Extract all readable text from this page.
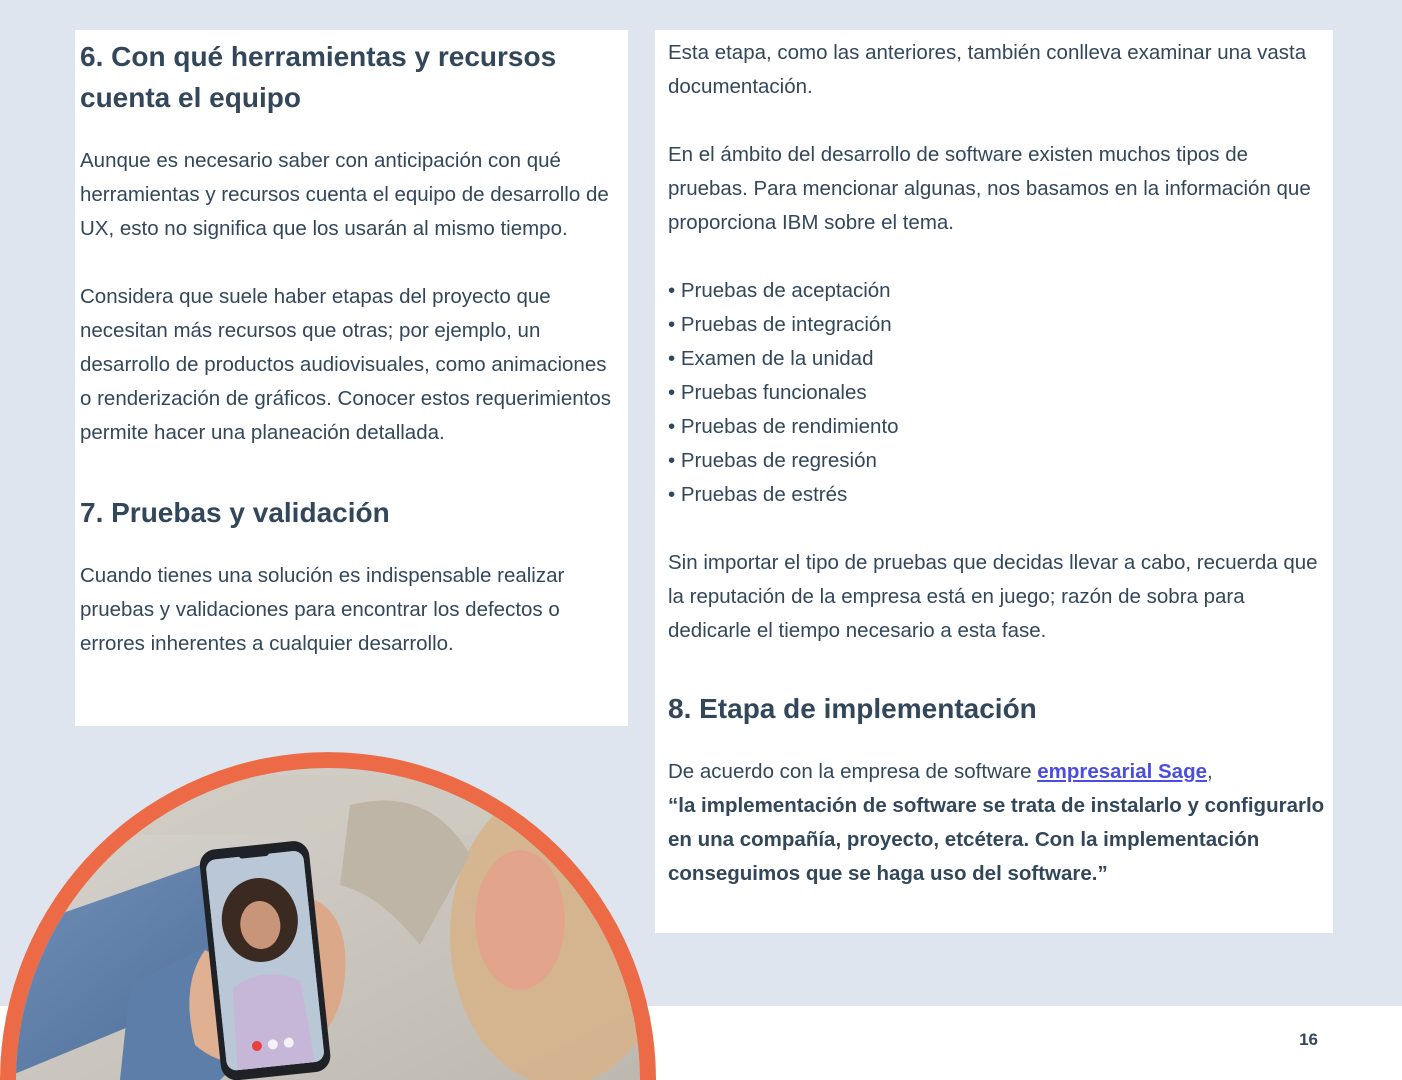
6. Con qué herramientas y recursos cuenta el equipo

Aunque es necesario saber con anticipación con qué herramientas y recursos cuenta el equipo de desarrollo de UX, esto no significa que los usarán al mismo tiempo.

Considera que suele haber etapas del proyecto que necesitan más recursos que otras; por ejemplo, un desarrollo de productos audiovisuales, como animaciones o renderización de gráficos. Conocer estos requerimientos permite hacer una planeación detallada.

7. Pruebas y validación

Cuando tienes una solución es indispensable realizar pruebas y validaciones para encontrar los defectos o errores inherentes a cualquier desarrollo.

Esta etapa, como las anteriores, también conlleva examinar una vasta documentación.

En el ámbito del desarrollo de software existen muchos tipos de pruebas. Para mencionar algunas, nos basamos en la información que proporciona IBM sobre el tema.

• Pruebas de aceptación
• Pruebas de integración
• Examen de la unidad
• Pruebas funcionales
• Pruebas de rendimiento
• Pruebas de regresión
• Pruebas de estrés

Sin importar el tipo de pruebas que decidas llevar a cabo, recuerda que la reputación de la empresa está en juego; razón de sobra para dedicarle el tiempo necesario a esta fase.

8. Etapa de implementación

De acuerdo con la empresa de software empresarial Sage,
“la implementación de software se trata de instalarlo y configurarlo en una compañía, proyecto, etcétera. Con la implementación conseguimos que se haga uso del software.”

16
